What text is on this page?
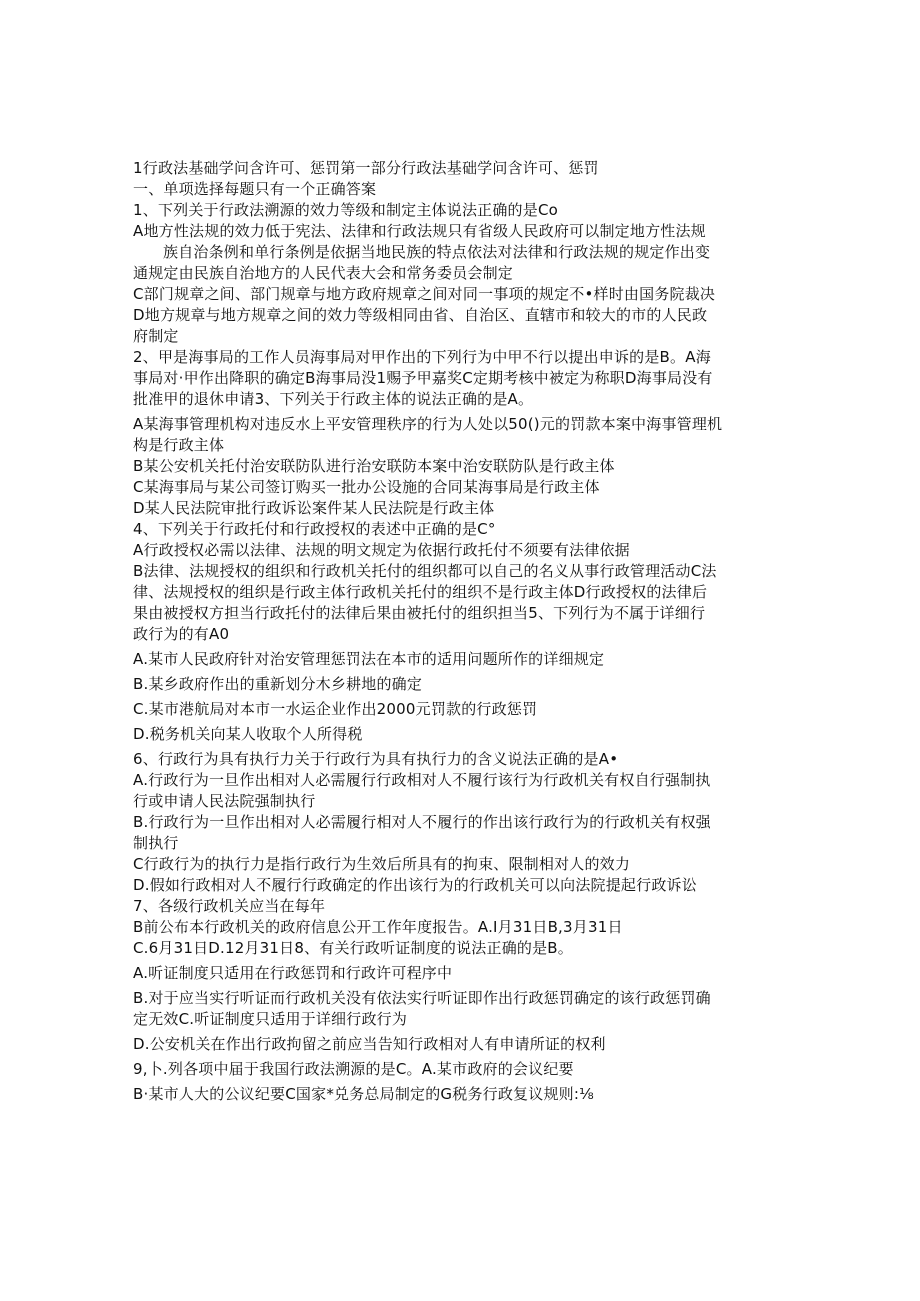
1行政法基础学问含许可、惩罚第一部分行政法基础学问含许可、惩罚

一、单项选择每题只有一个正确答案

1、下列关于行政法溯源的效力等级和制定主体说法正确的是Co

A地方性法规的效力低于宪法、法律和行政法规只有省级人民政府可以制定地方性法规

族自治条例和单行条例是依据当地民族的特点依法对法律和行政法规的规定作出变

通规定由民族自治地方的人民代表大会和常务委员会制定

C部门规章之间、部门规章与地方政府规章之间对同一事项的规定不•样时由国务院裁决

D地方规章与地方规章之间的效力等级相同由省、自治区、直辖市和较大的市的人民政

府制定

2、甲是海事局的工作人员海事局对甲作出的下列行为中甲不行以提出申诉的是B。A海

事局对·甲作出降职的确定B海事局没1赐予甲嘉奖C定期考核中被定为称职D海事局没有

批准甲的退休申请3、下列关于行政主体的说法正确的是A。

A某海事管理机构对违反水上平安管理秩序的行为人处以50()元的罚款本案中海事管理机

构是行政主体

B某公安机关托付治安联防队进行治安联防本案中治安联防队是行政主体

C某海事局与某公司签订购买一批办公设施的合同某海事局是行政主体

D某人民法院审批行政诉讼案件某人民法院是行政主体

4、下列关于行政托付和行政授权的表述中正确的是C°

A行政授权必需以法律、法规的明文规定为依据行政托付不须要有法律依据

B法律、法规授权的组织和行政机关托付的组织都可以自己的名义从事行政管理活动C法

律、法规授权的组织是行政主体行政机关托付的组织不是行政主体D行政授权的法律后

果由被授权方担当行政托付的法律后果由被托付的组织担当5、下列行为不属于详细行

政行为的有A0

A.某市人民政府针对治安管理惩罚法在本市的适用问题所作的详细规定

B.某乡政府作出的重新划分木乡耕地的确定

C.某市港航局对本市一水运企业作出2000元罚款的行政惩罚

D.税务机关向某人收取个人所得税

6、行政行为具有执行力关于行政行为具有执行力的含义说法正确的是A•

A.行政行为一旦作出相对人必需履行行政相对人不履行该行为行政机关有权自行强制执

行或申请人民法院强制执行

B.行政行为一旦作出相对人必需履行相对人不履行的作出该行政行为的行政机关有权强

制执行

C行政行为的执行力是指行政行为生效后所具有的拘束、限制相对人的效力

D.假如行政相对人不履行行政确定的作出该行为的行政机关可以向法院提起行政诉讼

7、各级行政机关应当在每年

B前公布本行政机关的政府信息公开工作年度报告。A.I月31日B,3月31日

C.6月31日D.12月31日8、有关行政听证制度的说法正确的是B。

A.听证制度只适用在行政惩罚和行政许可程序中

B.对于应当实行听证而行政机关没有依法实行听证即作出行政惩罚确定的该行政惩罚确

定无效C.听证制度只适用于详细行政行为

D.公安机关在作出行政拘留之前应当告知行政相对人有申请所证的权利

9,卜.列各项中届于我国行政法溯源的是C。A.某市政府的会议纪要

B·某市人大的公议纪要C国家*兑务总局制定的G税务行政复议规则:⅛
